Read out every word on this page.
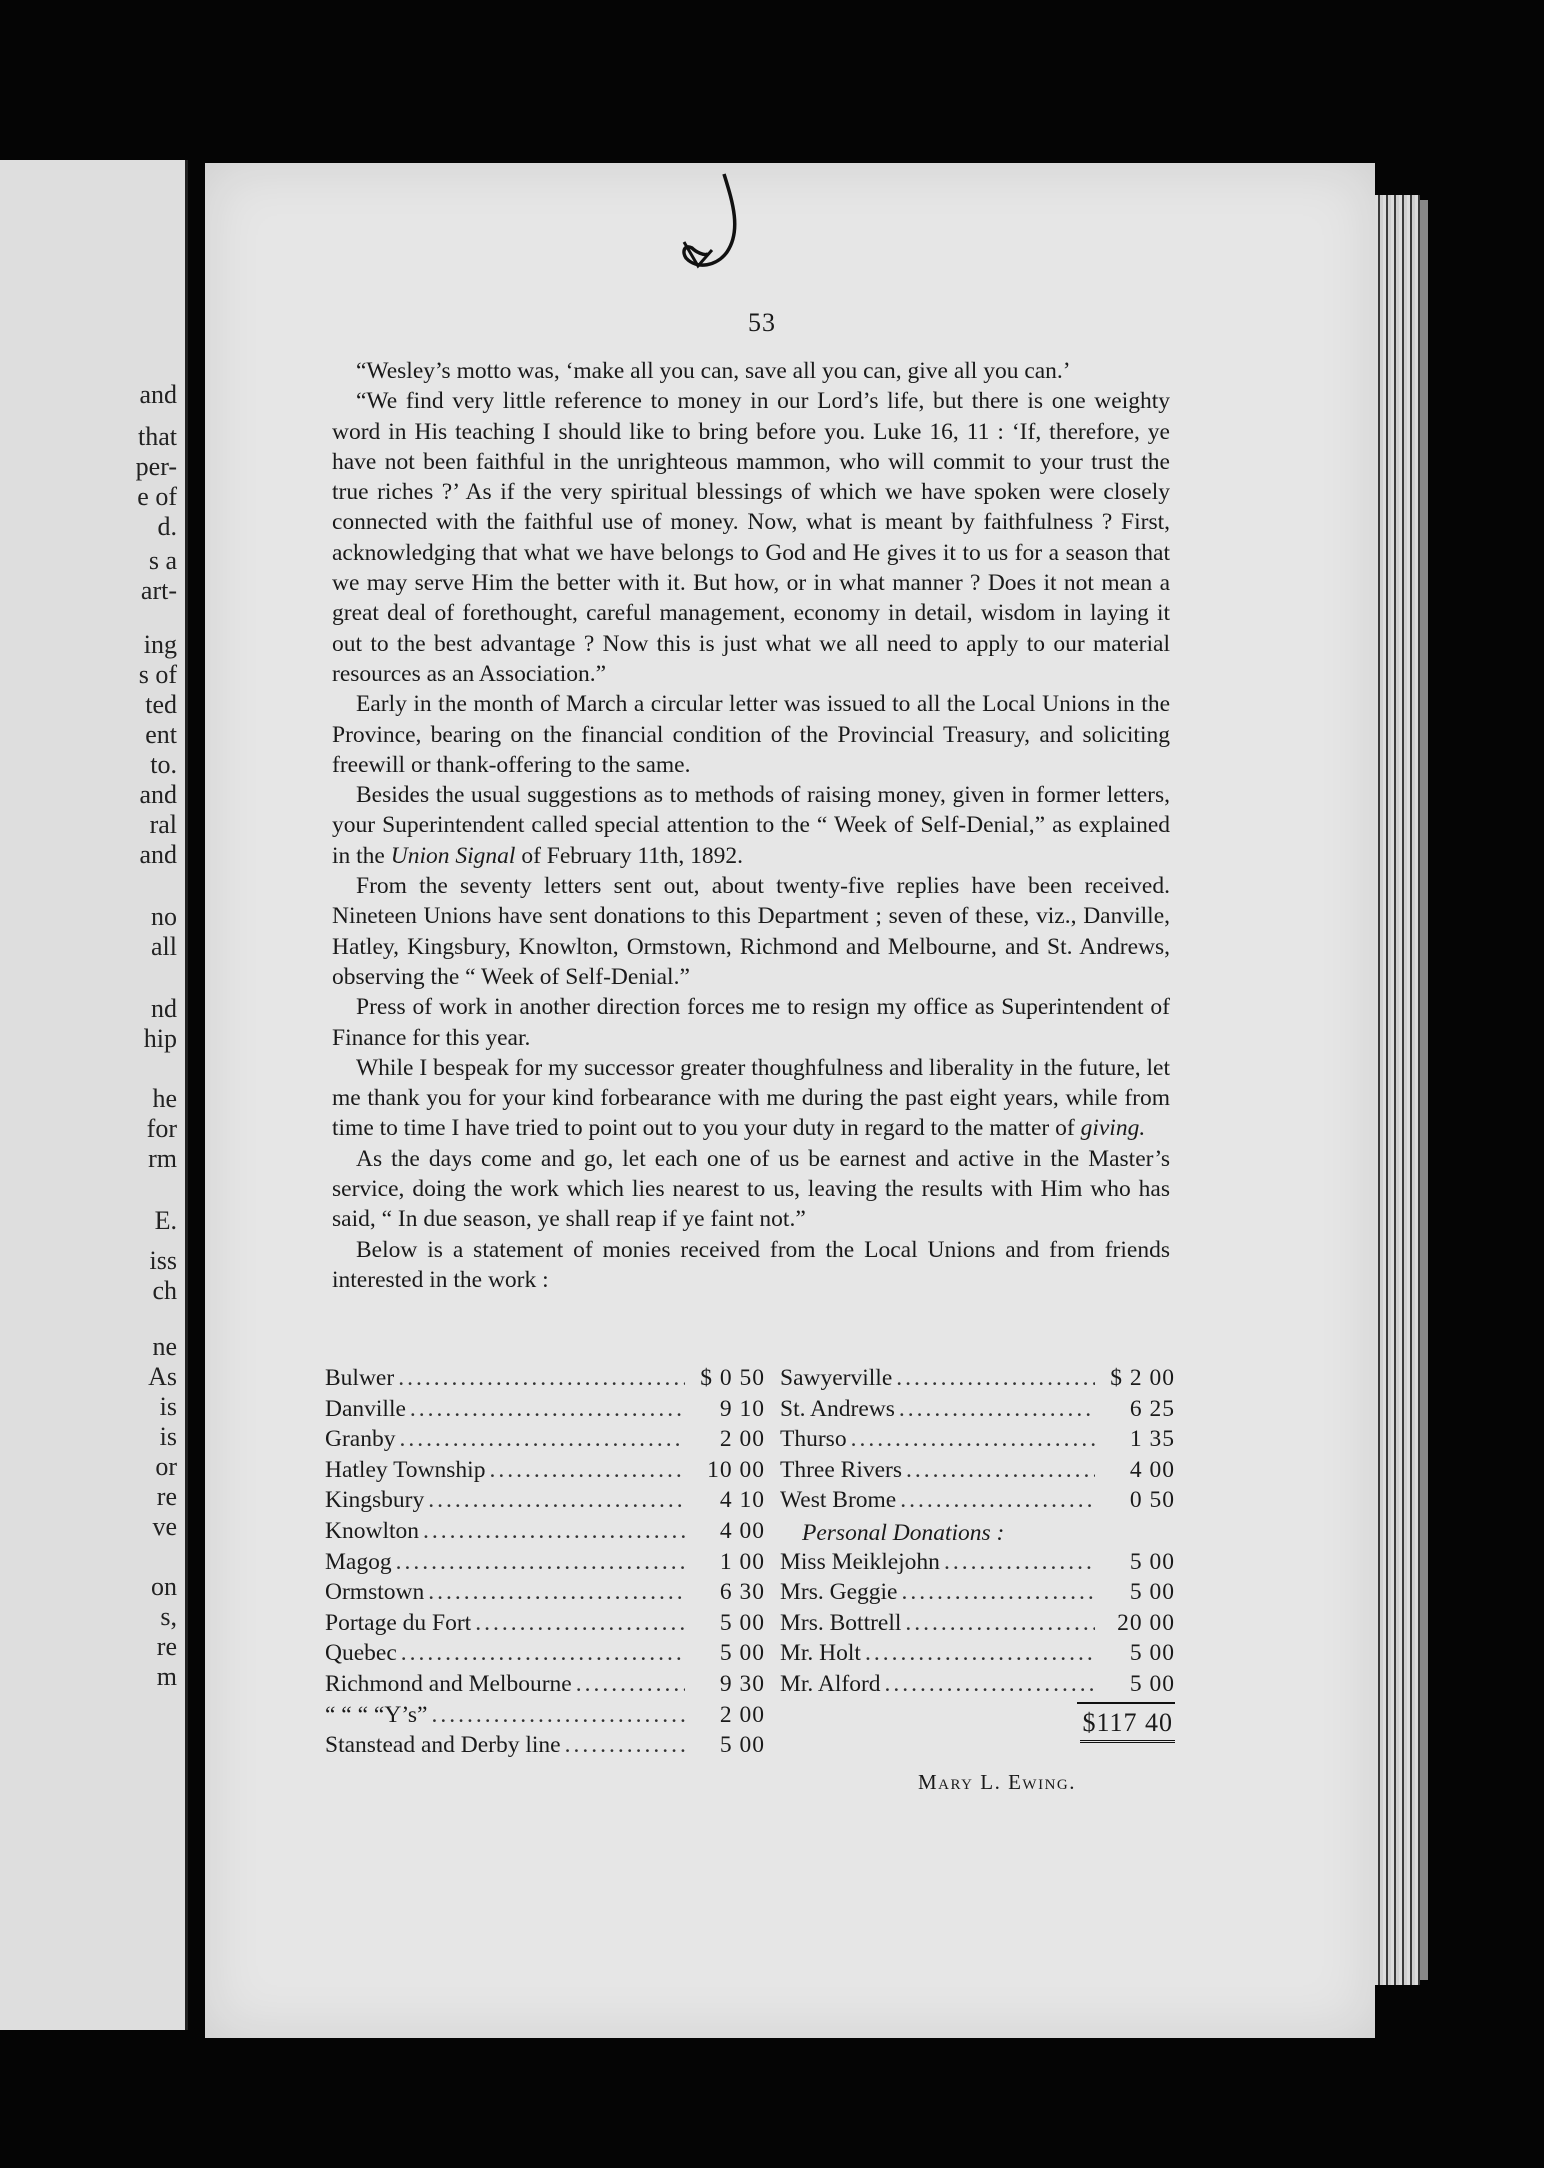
and
that
per-
e of
d.
s a
art-
ing
s of
ted
ent
to.
and
ral
and
no
all
nd
hip
he
for
rm
E.
iss
ch
ne
As
is
is
or
re
ve
on
s,
re
m
53

“Wesley’s motto was, ‘make all you can, save all you can, give all you can.’

“We find very little reference to money in our Lord’s life, but there is one weighty word in His teaching I should like to bring before you. Luke 16, 11 : ‘If, therefore, ye have not been faithful in the unrighteous mammon, who will commit to your trust the true riches ?’ As if the very spiritual blessings of which we have spoken were closely connected with the faithful use of money. Now, what is meant by faithfulness ? First, acknowledging that what we have belongs to God and He gives it to us for a season that we may serve Him the better with it. But how, or in what manner ? Does it not mean a great deal of forethought, careful management, economy in detail, wisdom in laying it out to the best advantage ? Now this is just what we all need to apply to our material resources as an Association.”

Early in the month of March a circular letter was issued to all the Local Unions in the Province, bearing on the financial condition of the Provincial Treasury, and soliciting freewill or thank-offering to the same.

Besides the usual suggestions as to methods of raising money, given in former letters, your Superintendent called special attention to the “ Week of Self-Denial,” as explained in the Union Signal of February 11th, 1892.

From the seventy letters sent out, about twenty-five replies have been received. Nineteen Unions have sent donations to this Department ; seven of these, viz., Danville, Hatley, Kingsbury, Knowlton, Ormstown, Richmond and Melbourne, and St. Andrews, observing the “ Week of Self-Denial.”

Press of work in another direction forces me to resign my office as Superintendent of Finance for this year.

While I bespeak for my successor greater thoughfulness and liberality in the future, let me thank you for your kind forbearance with me during the past eight years, while from time to time I have tried to point out to you your duty in regard to the matter of giving.

As the days come and go, let each one of us be earnest and active in the Master’s service, doing the work which lies nearest to us, leaving the results with Him who has said, “ In due season, ye shall reap if ye faint not.”

Below is a statement of monies received from the Local Unions and from friends interested in the work :

Bulwer .....	$ 0 50
Danville .....	9 10
Granby .....	2 00
Hatley Township .....	10 00
Kingsbury .....	4 10
Knowlton .....	4 00
Magog .....	1 00
Ormstown .....	6 30
Portage du Fort .....	5 00
Quebec .....	5 00
Richmond and Melbourne .....	9 30
“ “ “ “Y’s” .....	2 00
Stanstead and Derby line .....	5 00
Sawyerville .....	$ 2 00
St. Andrews .....	6 25
Thurso .....	1 35
Three Rivers .....	4 00
West Brome .....	0 50
Personal Donations :
Miss Meiklejohn .....	5 00
Mrs. Geggie .....	5 00
Mrs. Bottrell .....	20 00
Mr. Holt .....	5 00
Mr. Alford .....	5 00
$117 40
Mary L. Ewing.
